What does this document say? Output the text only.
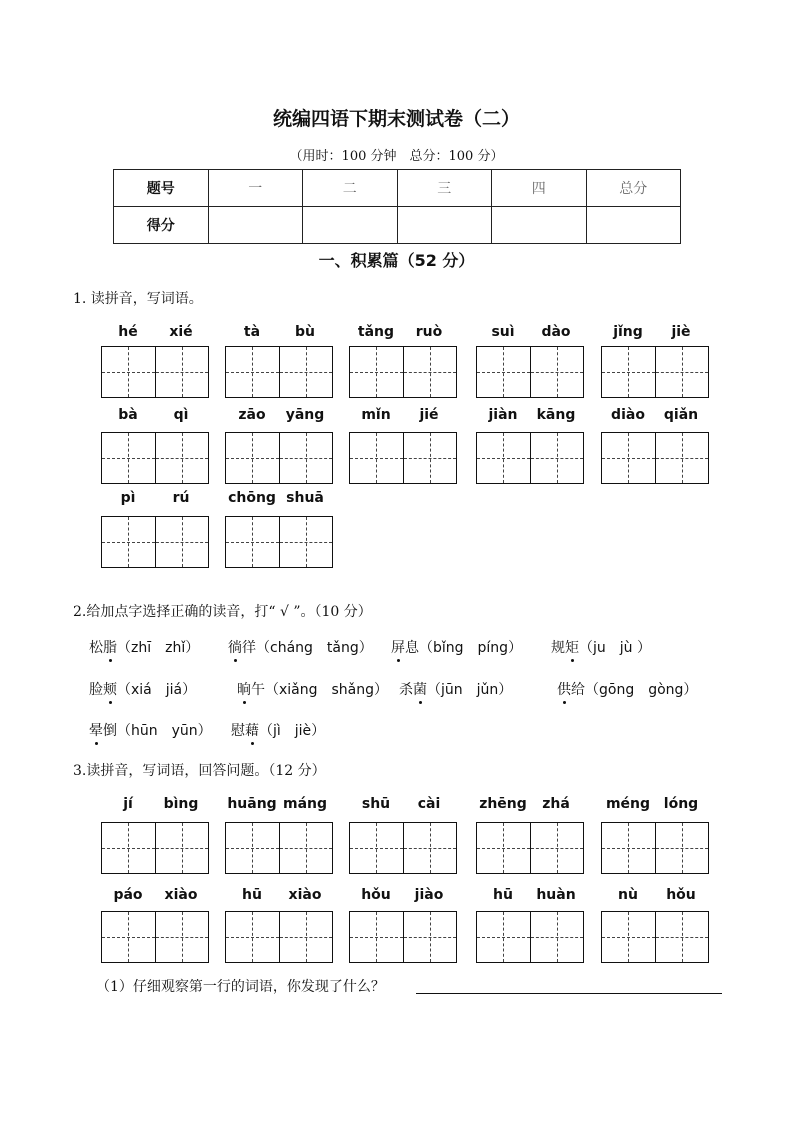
统编四语下期末测试卷（二）
（用时：100 分钟　总分：100 分）
题号	一	二	三	四	总分
得分					
一、积累篇（52 分）
1. 读拼音，写词语。
hé	xié	tà	bù	tǎng	ruò	suì	dào	jǐng	jiè
bà	qì	zāo	yāng	mǐn	jié	jiàn	kāng	diào	qiǎn
pì	rú	chōng shuā
2.给加点字选择正确的读音，打“ √ ”。（10 分）
松脂（zhī　zhǐ） 徜徉（cháng　tǎng） 屏息（bǐng　píng） 规矩（ju　jù ）
脸颊（xiá　jiá）	晌午（xiǎng　shǎng） 杀菌（jūn　jǔn）	供给（gōng　gòng）
晕倒（hūn　yūn） 慰藉（jì　jiè）
3.读拼音，写词语，回答问题。（12 分）
jí	bìng	huāng máng	shū	cài	zhēng	zhá	méng lóng
páo	xiào	hū	xiào	hǒu	jiào	hū	huàn	nù	hǒu
（1）仔细观察第一行的词语，你发现了什么？
